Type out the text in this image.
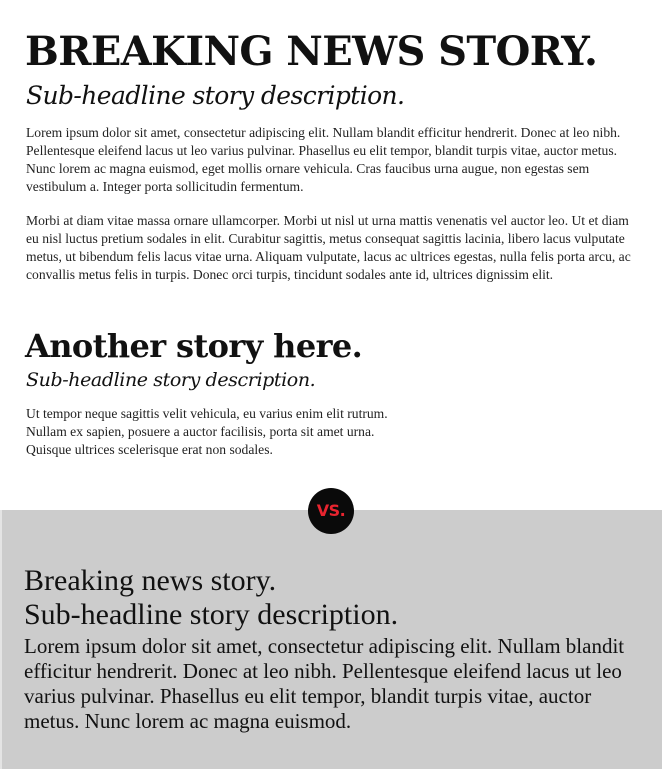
BREAKING NEWS STORY.
Sub-headline story description.

Lorem ipsum dolor sit amet, consectetur adipiscing elit. Nullam blandit efficitur hendrerit. Donec at leo nibh. Pellentesque eleifend lacus ut leo varius pulvinar. Phasellus eu elit tempor, blandit turpis vitae, auctor metus. Nunc lorem ac magna euismod, eget mollis ornare vehicula. Cras faucibus urna augue, non egestas sem vestibulum a. Integer porta sollicitudin fermentum.

Morbi at diam vitae massa ornare ullamcorper. Morbi ut nisl ut urna mattis venenatis vel auctor leo. Ut et diam eu nisl luctus pretium sodales in elit. Curabitur sagittis, metus consequat sagittis lacinia, libero lacus vulputate metus, ut bibendum felis lacus vitae urna. Aliquam vulputate, lacus ac ultrices egestas, nulla felis porta arcu, ac convallis metus felis in turpis. Donec orci turpis, tincidunt sodales ante id, ultrices dignissim elit.

Another story here.
Sub-headline story description.

Ut tempor neque sagittis velit vehicula, eu varius enim elit rutrum. Nullam ex sapien, posuere a auctor facilisis, porta sit amet urna. Quisque ultrices scelerisque erat non sodales.

Breaking news story.
Sub-headline story description.

Lorem ipsum dolor sit amet, consectetur adipiscing elit. Nullam blandit efficitur hendrerit. Donec at leo nibh. Pellentesque eleifend lacus ut leo varius pulvinar. Phasellus eu elit tempor, blandit turpis vitae, auctor metus. Nunc lorem ac magna euismod.

VS.
